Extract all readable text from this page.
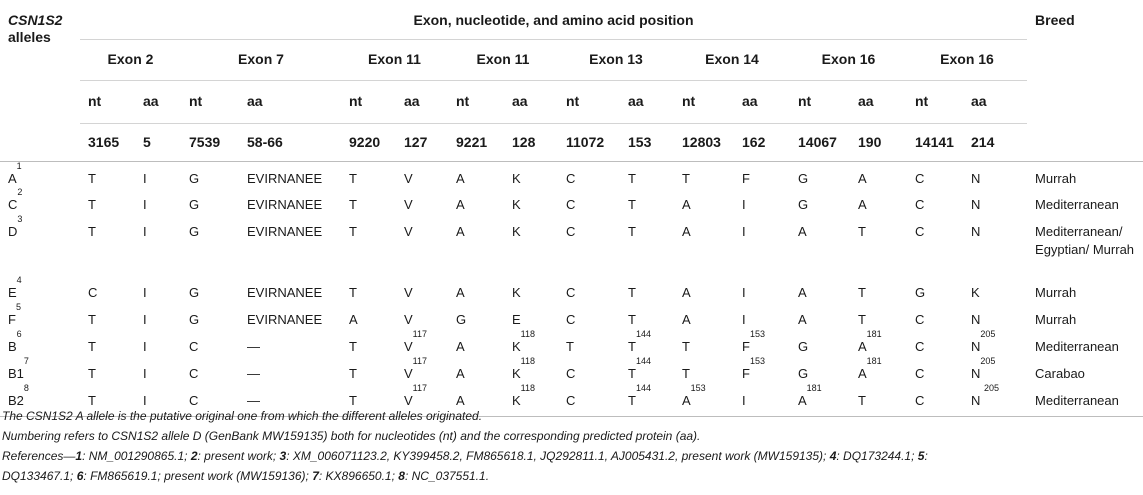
CSN1S2
alleles	Exon, nucleotide, and amino acid position																Breed
	Exon 2		Exon 7		Exon 11		Exon 11		Exon 13		Exon 14		Exon 16		Exon 16		
	nt	aa	nt	aa	nt	aa	nt	aa	nt	aa	nt	aa	nt	aa	nt	aa	
	3165	5	7539	58-66	9220	127	9221	128	11072	153	12803	162	14067	190	14141	214	
$A^1$	T	I	G	EVIRNANEE	T	V	A	K	C	T	T	F	G	A	C	N	Murrah
$C^2$	T	I	G	EVIRNANEE	T	V	A	K	C	T	A	I	G	A	C	N	Mediterranean
$D^3$	T	I	G	EVIRNANEE	T	V	A	K	C	T	A	I	A	T	C	N	Mediterranean/ Egyptian/ Murrah
$E^4$	C	I	G	EVIRNANEE	T	V	A	K	C	T	A	I	A	T	G	K	Murrah
$F^5$	T	I	G	EVIRNANEE	A	V	G	E	C	T	A	I	A	T	C	N	Murrah
$B^6$	T	I	C	—	T	$V^{117}$	A	$K^{118}$	T	$T^{144}$	T	$F^{153}$	G	$A^{181}$	C	$N^{205}$	Mediterranean
$B1^7$	T	I	C	—	T	$V^{117}$	A	$K^{118}$	C	$T^{144}$	T	$F^{153}$	G	$A^{181}$	C	$N^{205}$	Carabao
$B2^8$	T	I	C	—	T	$V^{117}$	A	$K^{118}$	C	$T^{144}$	$A^{153}$	I	$A^{181}$	T	C	N $^{205}$	Mediterranean

The CSN1S2 A allele is the putative original one from which the different alleles originated.

Numbering refers to CSN1S2 allele D (GenBank MW159135) both for nucleotides (nt) and the corresponding predicted protein (aa).

References—1: NM_001290865.1; 2: present work; 3: XM_006071123.2, KY399458.2, FM865618.1, JQ292811.1, AJ005431.2, present work (MW159135); 4: DQ173244.1; 5:

DQ133467.1; 6: FM865619.1; present work (MW159136); 7: KX896650.1; 8: NC_037551.1.
